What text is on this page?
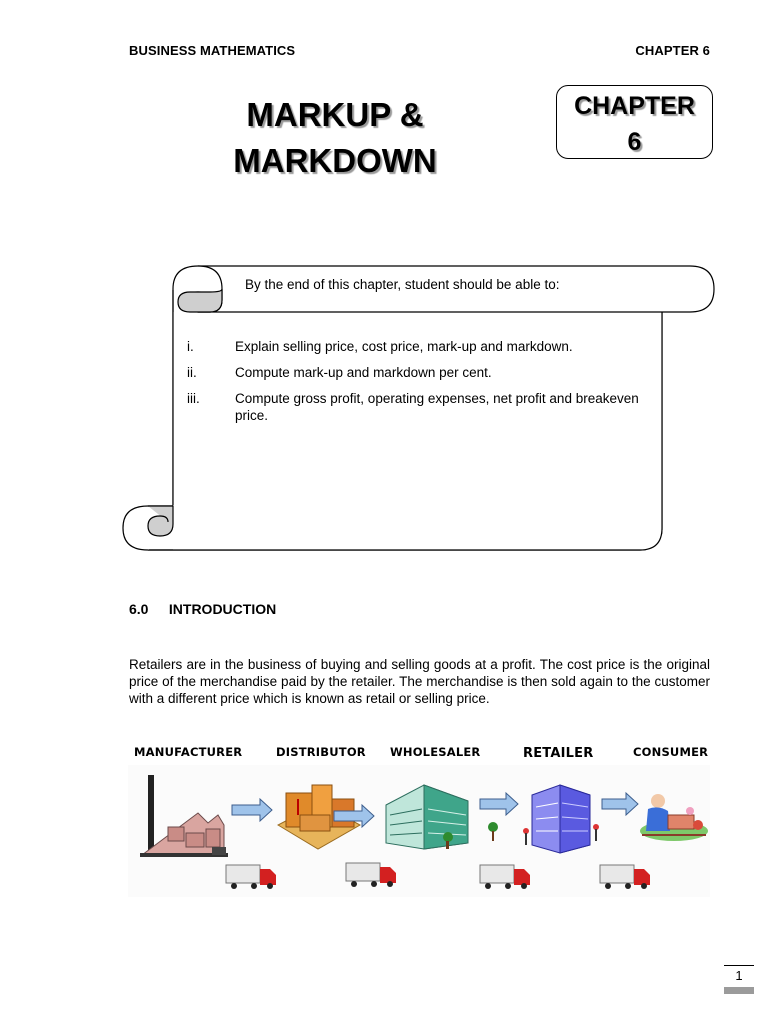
BUSINESS MATHEMATICS	CHAPTER 6
MARKUP &
MARKDOWN
CHAPTER
6
By the end of this chapter, student should be able to:
i.	Explain selling price, cost price, mark-up and markdown.
ii.	Compute mark-up and markdown per cent.
iii.	Compute gross profit, operating expenses, net profit and breakeven price.
6.0 INTRODUCTION
Retailers are in the business of buying and selling goods at a profit. The cost price is the original price of the merchandise paid by the retailer. The merchandise is then sold again to the customer with a different price which is known as retail or selling price.
MANUFACTURER	DISTRIBUTOR WHOLESALER	RETAILER	CONSUMER
1
